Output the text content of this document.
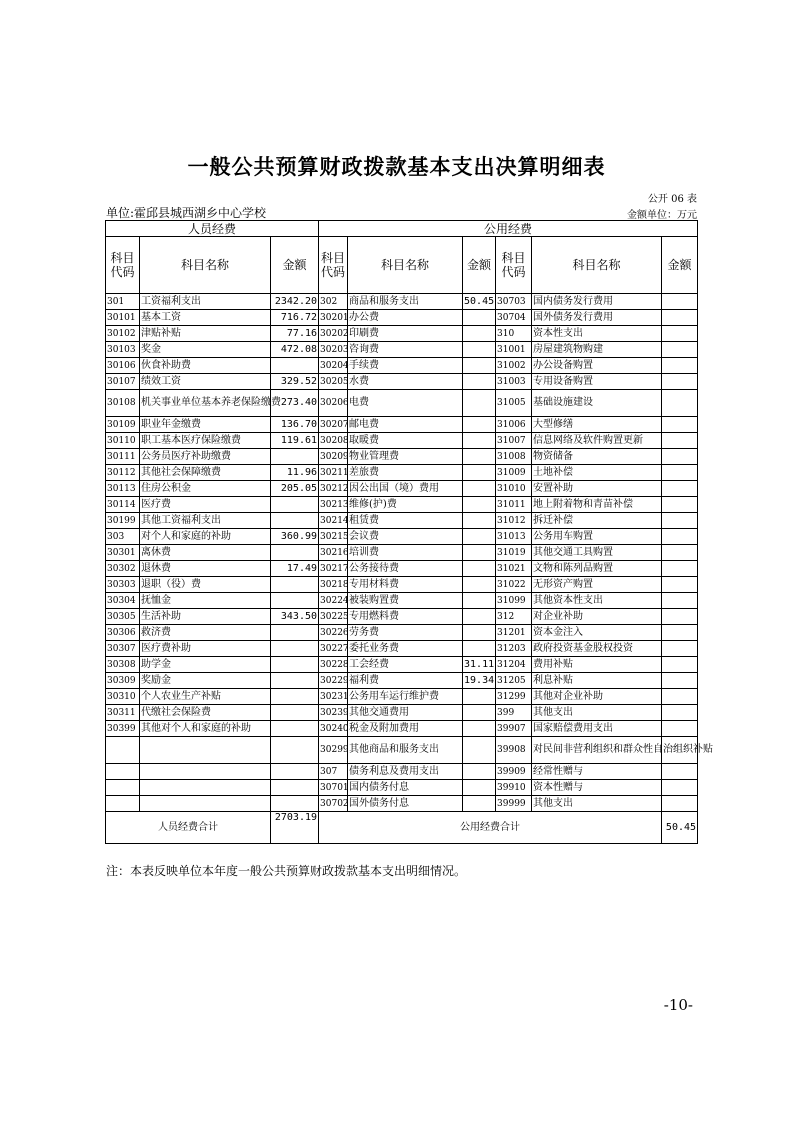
一般公共预算财政拨款基本支出决算明细表
公开 06 表
单位:霍邱县城西湖乡中心学校	金额单位：万元
人员经费			公用经费					
科目代码	科目名称	金额	科目代码	科目名称	金额	科目代码	科目名称	金额
301	工资福利支出	2342.20	302	商品和服务支出	50.45	30703	国内债务发行费用	
30101	基本工资	716.72	30201	办公费		30704	国外债务发行费用	
30102	津贴补贴	77.16	30202	印刷费		310	资本性支出	
30103	奖金	472.08	30203	咨询费		31001	房屋建筑物购建	
30106	伙食补助费		30204	手续费		31002	办公设备购置	
30107	绩效工资	329.52	30205	水费		31003	专用设备购置	
30108	机关事业单位基本养老保险缴费	273.40	30206	电费		31005	基础设施建设	
30109	职业年金缴费	136.70	30207	邮电费		31006	大型修缮	
30110	职工基本医疗保险缴费	119.61	30208	取暖费		31007	信息网络及软件购置更新	
30111	公务员医疗补助缴费		30209	物业管理费		31008	物资储备	
30112	其他社会保障缴费	11.96	30211	差旅费		31009	土地补偿	
30113	住房公积金	205.05	30212	因公出国（境）费用		31010	安置补助	
30114	医疗费		30213	维修(护)费		31011	地上附着物和青苗补偿	
30199	其他工资福利支出		30214	租赁费		31012	拆迁补偿	
303	对个人和家庭的补助	360.99	30215	会议费		31013	公务用车购置	
30301	离休费		30216	培训费		31019	其他交通工具购置	
30302	退休费	17.49	30217	公务接待费		31021	文物和陈列品购置	
30303	退职（役）费		30218	专用材料费		31022	无形资产购置	
30304	抚恤金		30224	被装购置费		31099	其他资本性支出	
30305	生活补助	343.50	30225	专用燃料费		312	对企业补助	
30306	救济费		30226	劳务费		31201	资本金注入	
30307	医疗费补助		30227	委托业务费		31203	政府投资基金股权投资	
30308	助学金		30228	工会经费	31.11	31204	费用补贴	
30309	奖励金		30229	福利费	19.34	31205	利息补贴	
30310	个人农业生产补贴		30231	公务用车运行维护费		31299	其他对企业补助	
30311	代缴社会保险费		30239	其他交通费用		399	其他支出	
30399	其他对个人和家庭的补助		30240	税金及附加费用		39907	国家赔偿费用支出	
			30299	其他商品和服务支出		39908	对民间非营利组织和群众性自治组织补贴	
			307	债务利息及费用支出		39909	经常性赠与	
			30701	国内债务付息		39910	资本性赠与	
			30702	国外债务付息		39999	其他支出	
人员经费合计		2703.19	公用经费合计					50.45
注：本表反映单位本年度一般公共预算财政拨款基本支出明细情况。
-10-
